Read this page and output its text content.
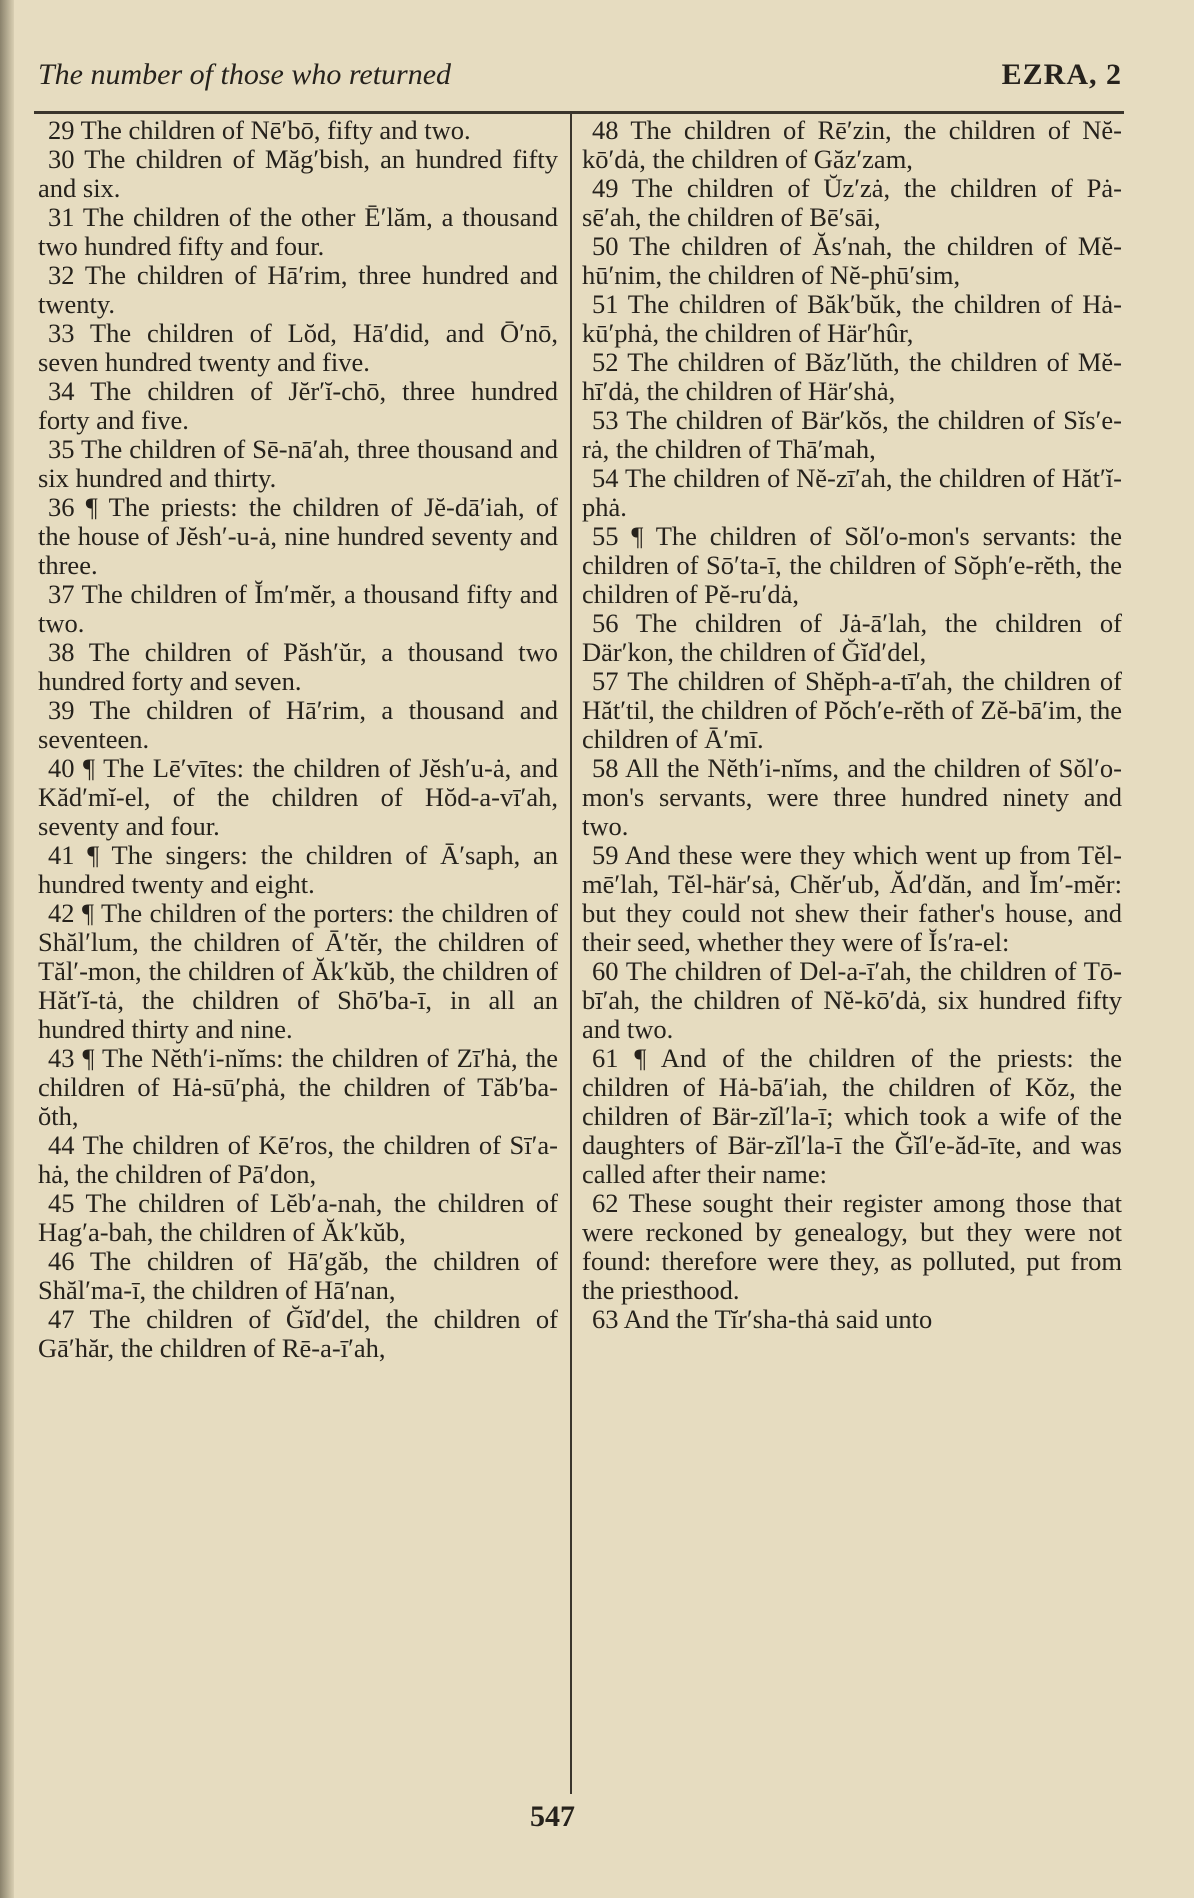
The number of those who returned	EZRA, 2

29 The children of Nē′bō, fifty and two.

30 The children of Măg′bish, an hundred fifty and six.

31 The children of the other Ē′lăm, a thousand two hundred fifty and four.

32 The children of Hā′rim, three hundred and twenty.

33 The children of Lŏd, Hā′did, and Ō′nō, seven hundred twenty and five.

34 The children of Jĕr′ĭ-chō, three hundred forty and five.

35 The children of Sē-nā′ah, three thousand and six hundred and thirty.

36 ¶ The priests: the children of Jĕ-dā′iah, of the house of Jĕsh′-u-ȧ, nine hundred seventy and three.

37 The children of Ĭm′mĕr, a thousand fifty and two.

38 The children of Păsh′ŭr, a thousand two hundred forty and seven.

39 The children of Hā′rim, a thousand and seventeen.

40 ¶ The Lē′vītes: the children of Jĕsh′u-ȧ, and Kăd′mĭ-el, of the children of Hŏd-a-vī′ah, seventy and four.

41 ¶ The singers: the children of Ā′saph, an hundred twenty and eight.

42 ¶ The children of the porters: the children of Shăl′lum, the children of Ā′tĕr, the children of Tăl′-mon, the children of Ăk′kŭb, the children of Hăt′ĭ-tȧ, the children of Shō′ba-ī, in all an hundred thirty and nine.

43 ¶ The Nĕth′i-nĭms: the children of Zī′hȧ, the children of Hȧ-sū′phȧ, the children of Tăb′ba-ŏth,

44 The children of Kē′ros, the children of Sī′a-hȧ, the children of Pā′don,

45 The children of Lĕb′a-nah, the children of Hag′a-bah, the children of Ăk′kŭb,

46 The children of Hā′găb, the children of Shăl′ma-ī, the children of Hā′nan,

47 The children of Ğĭd′del, the children of Gā′hăr, the children of Rē-a-ī′ah,

48 The children of Rē′zin, the children of Nĕ-kō′dȧ, the children of Găz′zam,

49 The children of Ŭz′zȧ, the children of Pȧ-sē′ah, the children of Bē′sāi,

50 The children of Ăs′nah, the children of Mĕ-hū′nim, the children of Nĕ-phū′sim,

51 The children of Băk′bŭk, the children of Hȧ-kū′phȧ, the children of Här′hûr,

52 The children of Băz′lŭth, the children of Mĕ-hī′dȧ, the children of Här′shȧ,

53 The children of Bär′kŏs, the children of Sĭs′e-rȧ, the children of Thā′mah,

54 The children of Nĕ-zī′ah, the children of Hăt′ĭ-phȧ.

55 ¶ The children of Sŏl′o-mon's servants: the children of Sō′ta-ī, the children of Sŏph′e-rĕth, the children of Pĕ-ru′dȧ,

56 The children of Jȧ-ā′lah, the children of Där′kon, the children of Ğĭd′del,

57 The children of Shĕph-a-tī′ah, the children of Hăt′til, the children of Pŏch′e-rĕth of Zĕ-bā′im, the children of Ā′mī.

58 All the Nĕth′i-nĭms, and the children of Sŏl′o-mon's servants, were three hundred ninety and two.

59 And these were they which went up from Tĕl-mē′lah, Tĕl-här′sȧ, Chĕr′ub, Ăd′dăn, and Ĭm′-mĕr: but they could not shew their father's house, and their seed, whether they were of Ĭs′ra-el:

60 The children of Del-a-ī′ah, the children of Tō-bī′ah, the children of Nĕ-kō′dȧ, six hundred fifty and two.

61 ¶ And of the children of the priests: the children of Hȧ-bā′iah, the children of Kŏz, the children of Bär-zĭl′la-ī; which took a wife of the daughters of Bär-zĭl′la-ī the Ğĭl′e-ăd-īte, and was called after their name:

62 These sought their register among those that were reckoned by genealogy, but they were not found: therefore were they, as polluted, put from the priesthood.

63 And the Tĭr′sha-thȧ said unto

547
